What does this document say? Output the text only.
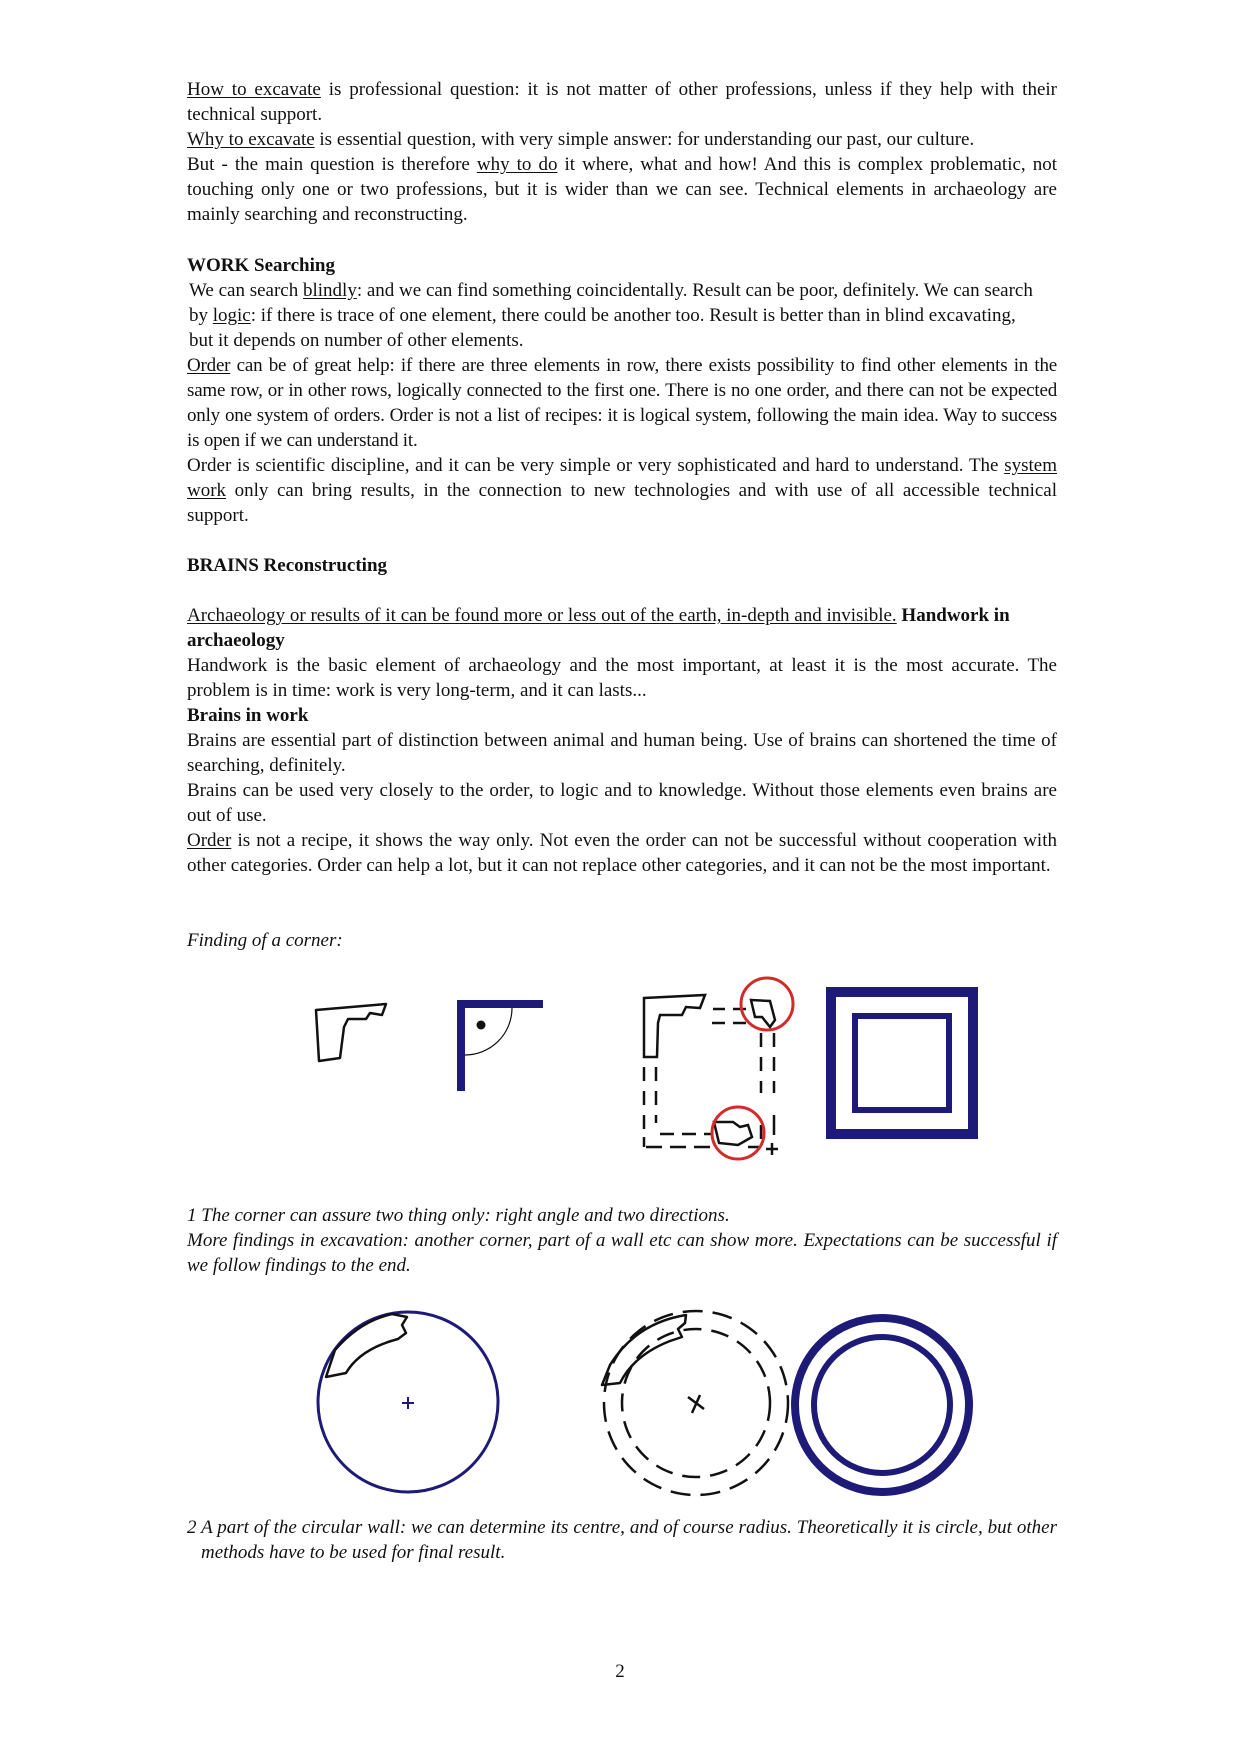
How to excavate is professional question: it is not matter of other professions, unless if they help with their technical support.

Why to excavate is essential question, with very simple answer: for understanding our past, our culture.

But - the main question is therefore why to do it where, what and how! And this is complex problematic, not touching only one or two professions, but it is wider than we can see. Technical elements in archaeology are mainly searching and reconstructing.

WORK Searching

We can search blindly: and we can find something coincidentally. Result can be poor, definitely. We can search by logic: if there is trace of one element, there could be another too. Result is better than in blind excavating, but it depends on number of other elements.

Order can be of great help: if there are three elements in row, there exists possibility to find other elements in the same row, or in other rows, logically connected to the first one. There is no one order, and there can not be expected only one system of orders. Order is not a list of recipes: it is logical system, following the main idea. Way to success is open if we can understand it.

Order is scientific discipline, and it can be very simple or very sophisticated and hard to understand. The system work only can bring results, in the connection to new technologies and with use of all accessible technical support.

BRAINS Reconstructing

Archaeology or results of it can be found more or less out of the earth, in-depth and invisible. Handwork in archaeology

Handwork is the basic element of archaeology and the most important, at least it is the most accurate. The problem is in time: work is very long-term, and it can lasts...

Brains in work

Brains are essential part of distinction between animal and human being. Use of brains can shortened the time of searching, definitely.

Brains can be used very closely to the order, to logic and to knowledge. Without those elements even brains are out of use.

Order is not a recipe, it shows the way only. Not even the order can not be successful without cooperation with other categories. Order can help a lot, but it can not replace other categories, and it can not be the most important.

Finding of a corner:

1 The corner can assure two thing only: right angle and two directions.

More findings in excavation: another corner, part of a wall etc can show more. Expectations can be successful if we follow findings to the end.

2 A part of the circular wall: we can determine its centre, and of course radius. Theoretically it is circle, but other methods have to be used for final result.

2
